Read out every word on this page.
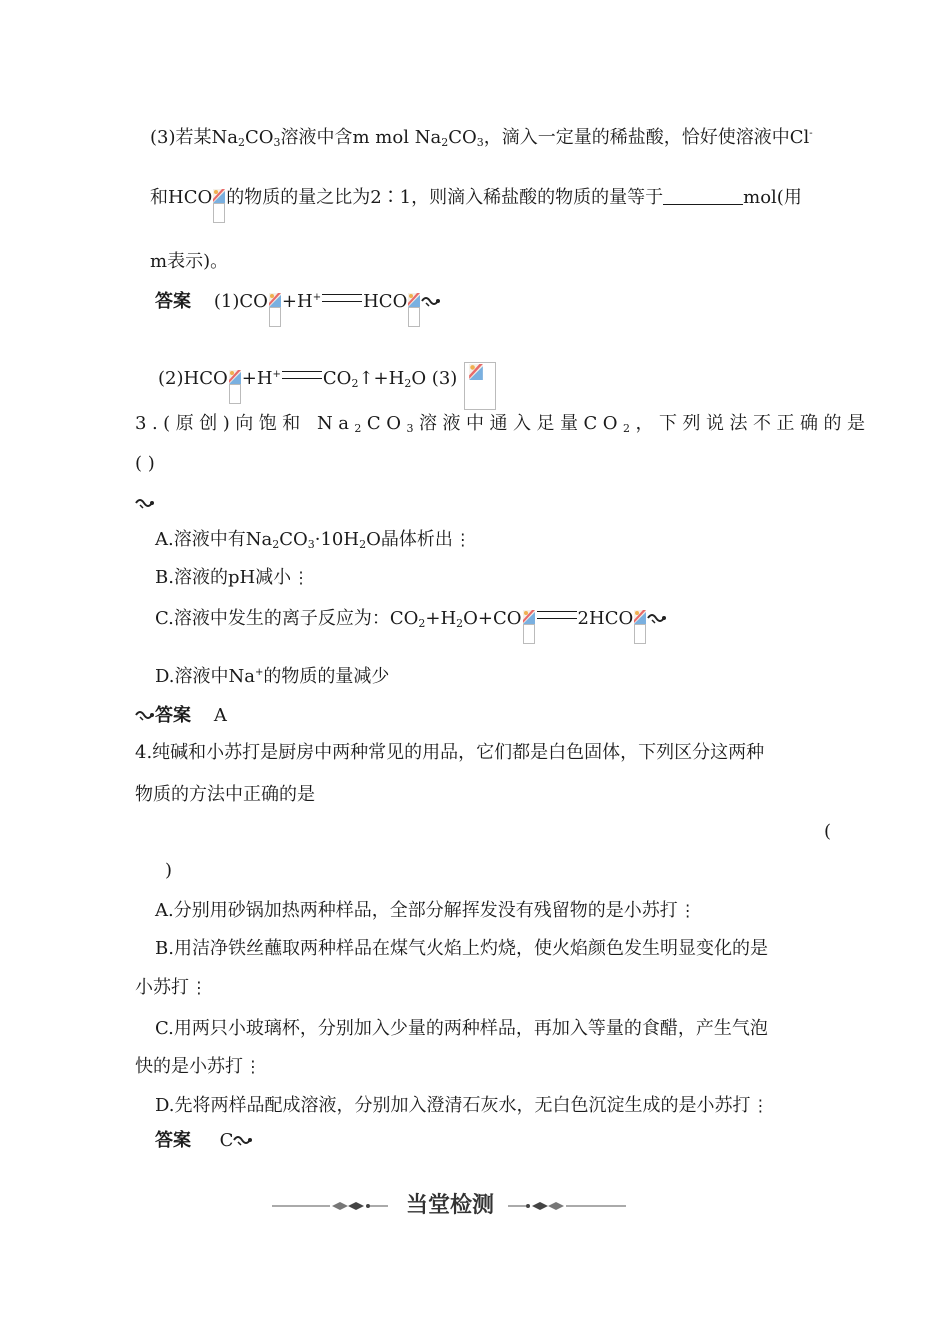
(3)若某$Na_2CO_3$溶液中含m mol $Na_2CO_3$，滴入一定量的稀盐酸，恰好使溶液中Cl-
和HCO 的物质的量之比为2∶1，则滴入稀盐酸的物质的量等于	mol(用
m表示)。
答案 (1)CO +H+ HCO
(2)HCO +H+ $CO_2↑+H_2O$ (3)
3.(原创)向饱和 $Na_2CO_3$溶液中通入足量$CO_2$，下列说法不正确的是
( )
A.溶液中有$Na_2CO_3\cdot 10H_2O$晶体析出 ⋮
B.溶液的pH减小 ⋮
C.溶液中发生的离子反应为：$CO_2+H_2O+CO$	2HCO
D.溶液中Na+的物质的量减少
答案 A
4.纯碱和小苏打是厨房中两种常见的用品，它们都是白色固体，下列区分这两种
物质的方法中正确的是
(
)
A.分别用砂锅加热两种样品，全部分解挥发没有残留物的是小苏打 ⋮
B.用洁净铁丝蘸取两种样品在煤气火焰上灼烧，使火焰颜色发生明显变化的是
小苏打 ⋮
C.用两只小玻璃杯，分别加入少量的两种样品，再加入等量的食醋，产生气泡
快的是小苏打 ⋮
D.先将两样品配成溶液，分别加入澄清石灰水，无白色沉淀生成的是小苏打 ⋮
答案 C
当堂检测
